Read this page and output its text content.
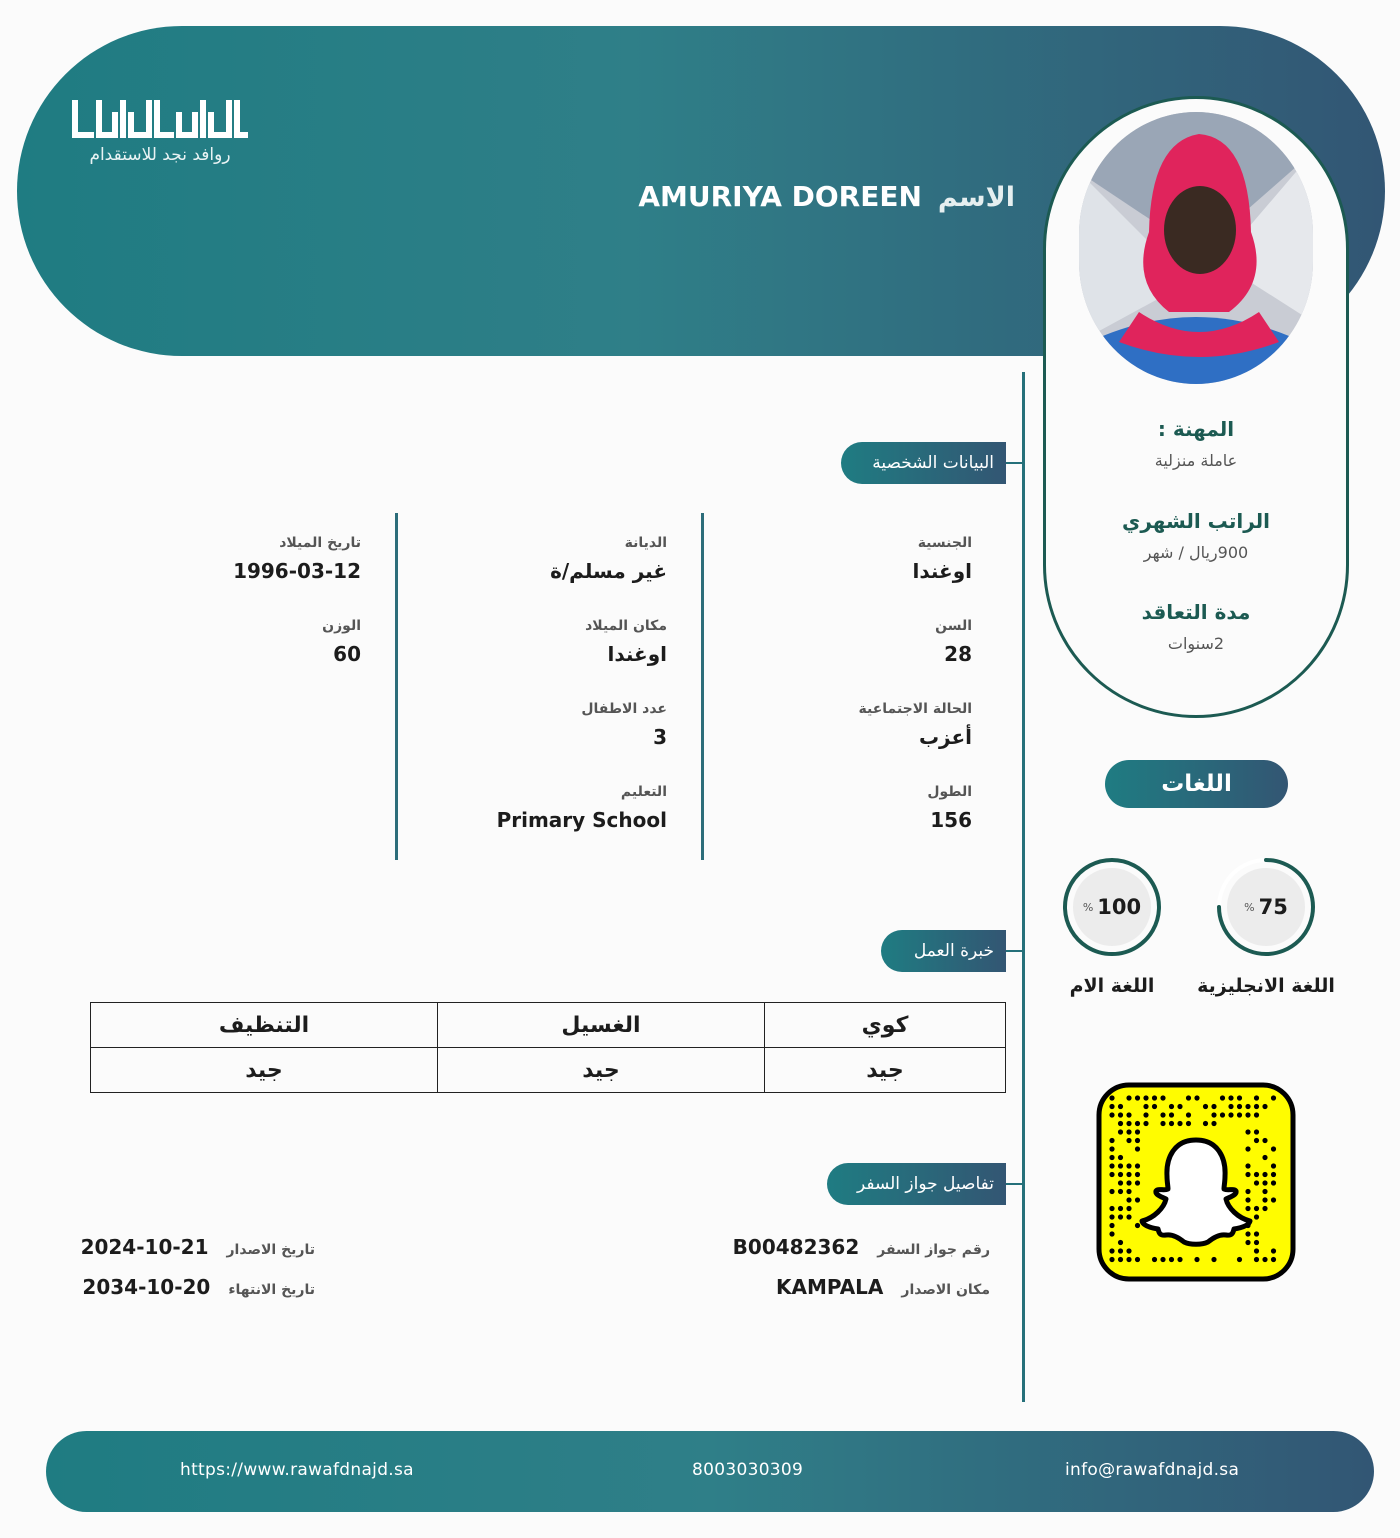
روافد نجد للاستقدام
الاسم
AMURIYA DOREEN
المهنة :
عاملة منزلية
الراتب الشهري
900ريال / شهر
مدة التعاقد
2سنوات
البيانات الشخصية
الجنسية
اوغندا
السن
28
الحالة الاجتماعية
أعزب
الطول
156
الديانة
غير مسلم/ة
مكان الميلاد
اوغندا
عدد الاطفال
3
التعليم
Primary School
تاريخ الميلاد
1996-03-12
الوزن
60
اللغات
% 75
اللغة الانجليزية
% 100
اللغة الام
خبرة العمل
كوي	الغسيل	التنظيف
جيد	جيد	جيد
تفاصيل جواز السفر
رقم جواز السفر
B00482362
مكان الاصدار
KAMPALA
تاريخ الاصدار
2024-10-21
تاريخ الانتهاء
2034-10-20
https://www.rawafdnajd.sa	8003030309	info@rawafdnajd.sa
